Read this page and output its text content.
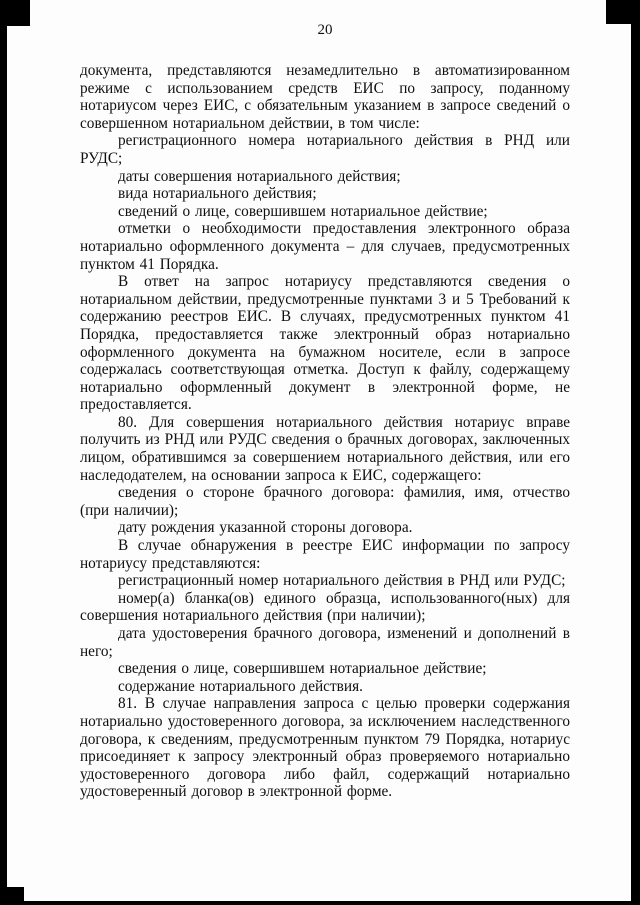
20

документа, представляются незамедлительно в автоматизированном режиме с использованием средств ЕИС по запросу, поданному нотариусом через ЕИС, с обязательным указанием в запросе сведений о совершенном нотариальном действии, в том числе:

регистрационного номера нотариального действия в РНД или РУДС;

даты совершения нотариального действия;

вида нотариального действия;

сведений о лице, совершившем нотариальное действие;

отметки о необходимости предоставления электронного образа нотариально оформленного документа – для случаев, предусмотренных пунктом 41 Порядка.

В ответ на запрос нотариусу представляются сведения о нотариальном действии, предусмотренные пунктами 3 и 5 Требований к содержанию реестров ЕИС. В случаях, предусмотренных пунктом 41 Порядка, предоставляется также электронный образ нотариально оформленного документа на бумажном носителе, если в запросе содержалась соответствующая отметка. Доступ к файлу, содержащему нотариально оформленный документ в электронной форме, не предоставляется.

80. Для совершения нотариального действия нотариус вправе получить из РНД или РУДС сведения о брачных договорах, заключенных лицом, обратившимся за совершением нотариального действия, или его наследодателем, на основании запроса к ЕИС, содержащего:

сведения о стороне брачного договора: фамилия, имя, отчество (при наличии);

дату рождения указанной стороны договора.

В случае обнаружения в реестре ЕИС информации по запросу нотариусу представляются:

регистрационный номер нотариального действия в РНД или РУДС;

номер(а) бланка(ов) единого образца, использованного(ных) для совершения нотариального действия (при наличии);

дата удостоверения брачного договора, изменений и дополнений в него;

сведения о лице, совершившем нотариальное действие;

содержание нотариального действия.

81. В случае направления запроса с целью проверки содержания нотариально удостоверенного договора, за исключением наследственного договора, к сведениям, предусмотренным пунктом 79 Порядка, нотариус присоединяет к запросу электронный образ проверяемого нотариально удостоверенного договора либо файл, содержащий нотариально удостоверенный договор в электронной форме.
